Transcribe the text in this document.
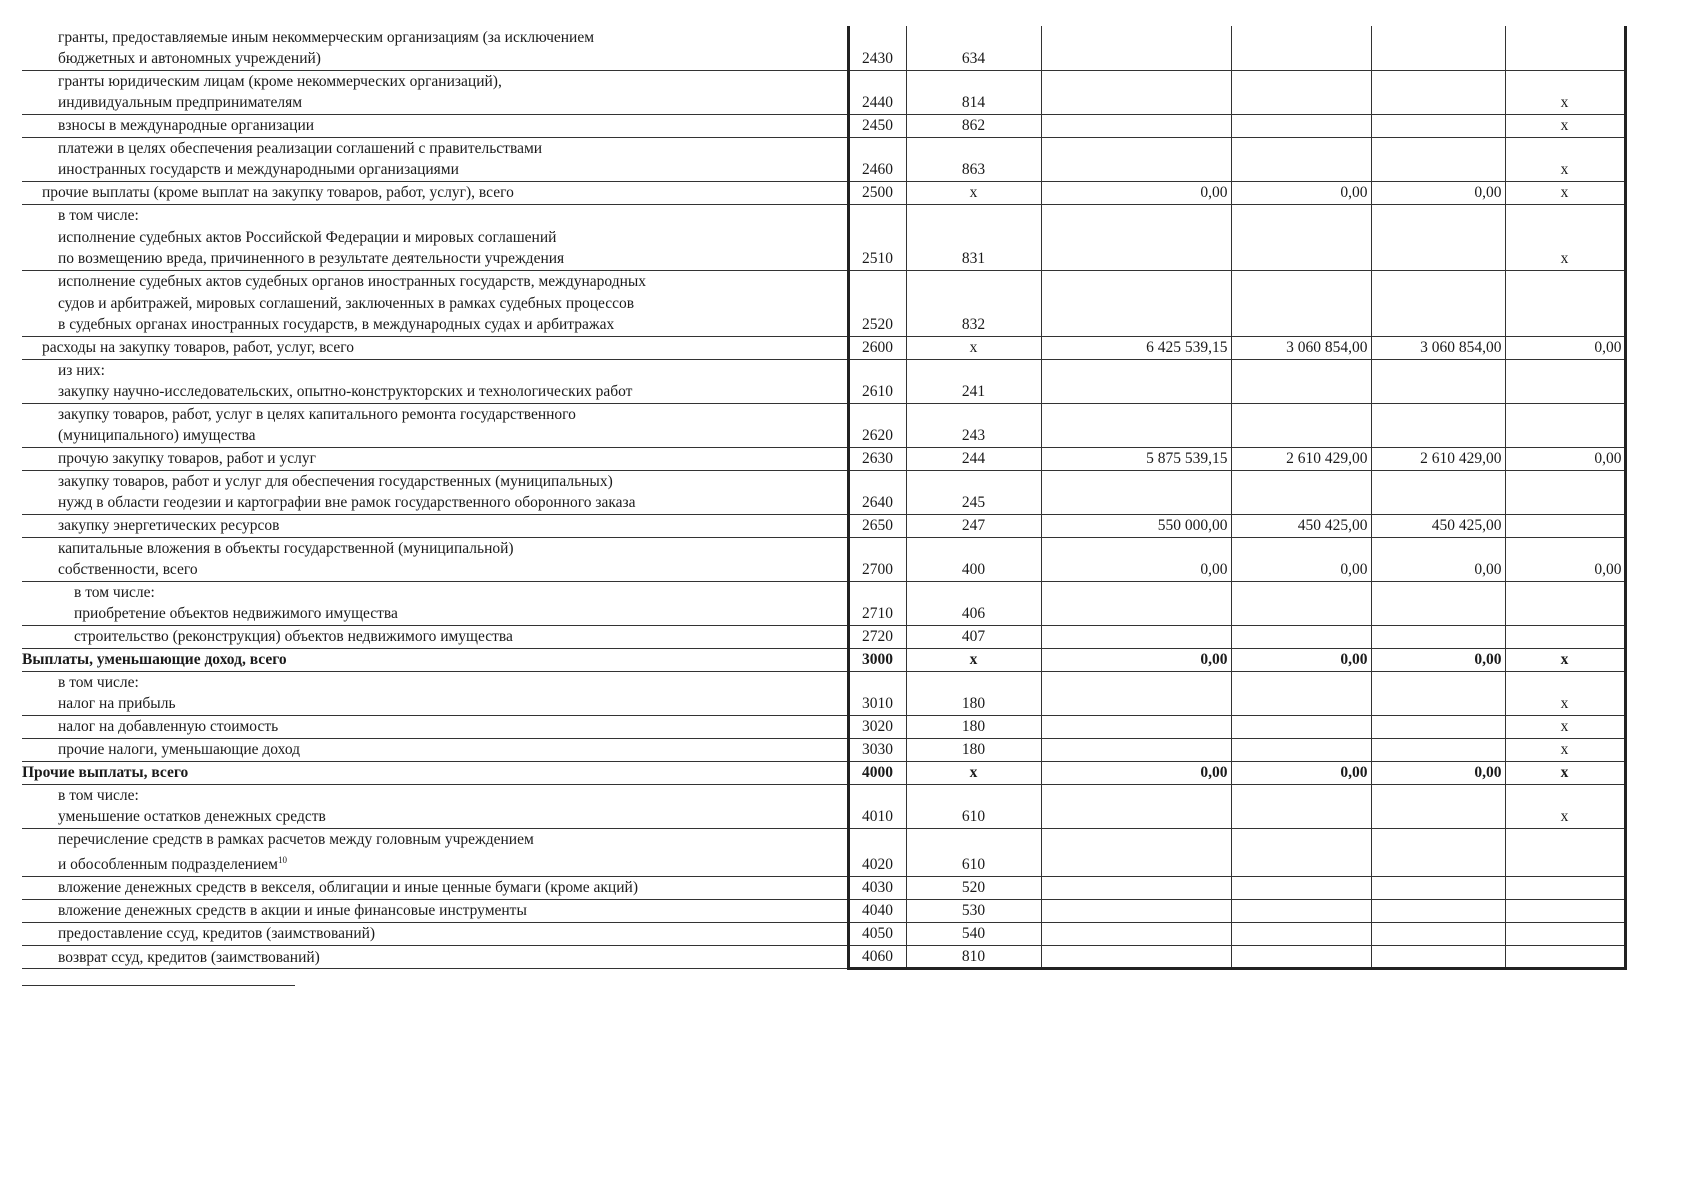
гранты, предоставляемые иным некоммерческим организациям (за исключением
бюджетных и автономных учреждений)	2430	634				
гранты юридическим лицам (кроме некоммерческих организаций),
индивидуальным предпринимателям	2440	814				x
взносы в международные организации	2450	862				x
платежи в целях обеспечения реализации соглашений с правительствами
иностранных государств и международными организациями	2460	863				x
прочие выплаты (кроме выплат на закупку товаров, работ, услуг), всего	2500	x	0,00	0,00	0,00	x
в том числе:
исполнение судебных актов Российской Федерации и мировых соглашений
по возмещению вреда, причиненного в результате деятельности учреждения	2510	831				x
исполнение судебных актов судебных органов иностранных государств, международных
судов и арбитражей, мировых соглашений, заключенных в рамках судебных процессов
в судебных органах иностранных государств, в международных судах и арбитражах	2520	832				
расходы на закупку товаров, работ, услуг, всего	2600	x	6 425 539,15	3 060 854,00	3 060 854,00	0,00
из них:
закупку научно-исследовательских, опытно-конструкторских и технологических работ	2610	241				
закупку товаров, работ, услуг в целях капитального ремонта государственного
(муниципального) имущества	2620	243				
прочую закупку товаров, работ и услуг	2630	244	5 875 539,15	2 610 429,00	2 610 429,00	0,00
закупку товаров, работ и услуг для обеспечения государственных (муниципальных)
нужд в области геодезии и картографии вне рамок государственного оборонного заказа	2640	245				
закупку энергетических ресурсов	2650	247	550 000,00	450 425,00	450 425,00	
капитальные вложения в объекты государственной (муниципальной)
собственности, всего	2700	400	0,00	0,00	0,00	0,00
в том числе:
приобретение объектов недвижимого имущества	2710	406				
строительство (реконструкция) объектов недвижимого имущества	2720	407				
Выплаты, уменьшающие доход, всего	3000	x	0,00	0,00	0,00	x
в том числе:
налог на прибыль	3010	180				x
налог на добавленную стоимость	3020	180				x
прочие налоги, уменьшающие доход	3030	180				x
Прочие выплаты, всего	4000	x	0,00	0,00	0,00	x
в том числе:
уменьшение остатков денежных средств	4010	610				x
перечисление средств в рамках расчетов между головным учреждением
и обособленным подразделением$^{10}$	4020	610				
вложение денежных средств в векселя, облигации и иные ценные бумаги (кроме акций)	4030	520				
вложение денежных средств в акции и иные финансовые инструменты	4040	530				
предоставление ссуд, кредитов (заимствований)	4050	540				
возврат ссуд, кредитов (заимствований)	4060	810				
